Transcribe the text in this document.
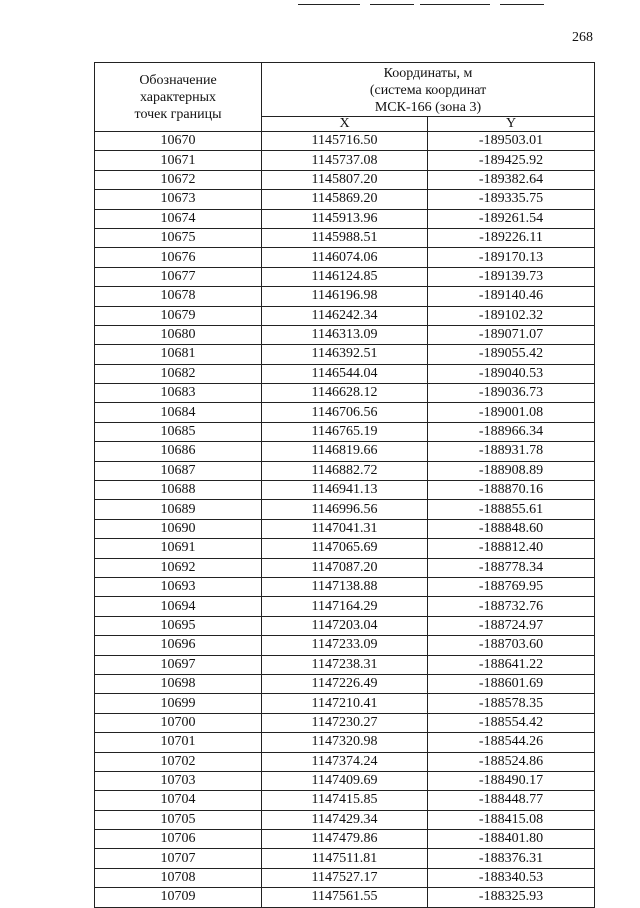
268
Обозначение
характерных
точек границы	Координаты, м
(система координат
МСК-166 (зона 3)	

	X	Y
10670	1145716.50	-189503.01
10671	1145737.08	-189425.92
10672	1145807.20	-189382.64
10673	1145869.20	-189335.75
10674	1145913.96	-189261.54
10675	1145988.51	-189226.11
10676	1146074.06	-189170.13
10677	1146124.85	-189139.73
10678	1146196.98	-189140.46
10679	1146242.34	-189102.32
10680	1146313.09	-189071.07
10681	1146392.51	-189055.42
10682	1146544.04	-189040.53
10683	1146628.12	-189036.73
10684	1146706.56	-189001.08
10685	1146765.19	-188966.34
10686	1146819.66	-188931.78
10687	1146882.72	-188908.89
10688	1146941.13	-188870.16
10689	1146996.56	-188855.61
10690	1147041.31	-188848.60
10691	1147065.69	-188812.40
10692	1147087.20	-188778.34
10693	1147138.88	-188769.95
10694	1147164.29	-188732.76
10695	1147203.04	-188724.97
10696	1147233.09	-188703.60
10697	1147238.31	-188641.22
10698	1147226.49	-188601.69
10699	1147210.41	-188578.35
10700	1147230.27	-188554.42
10701	1147320.98	-188544.26
10702	1147374.24	-188524.86
10703	1147409.69	-188490.17
10704	1147415.85	-188448.77
10705	1147429.34	-188415.08
10706	1147479.86	-188401.80
10707	1147511.81	-188376.31
10708	1147527.17	-188340.53
10709	1147561.55	-188325.93
